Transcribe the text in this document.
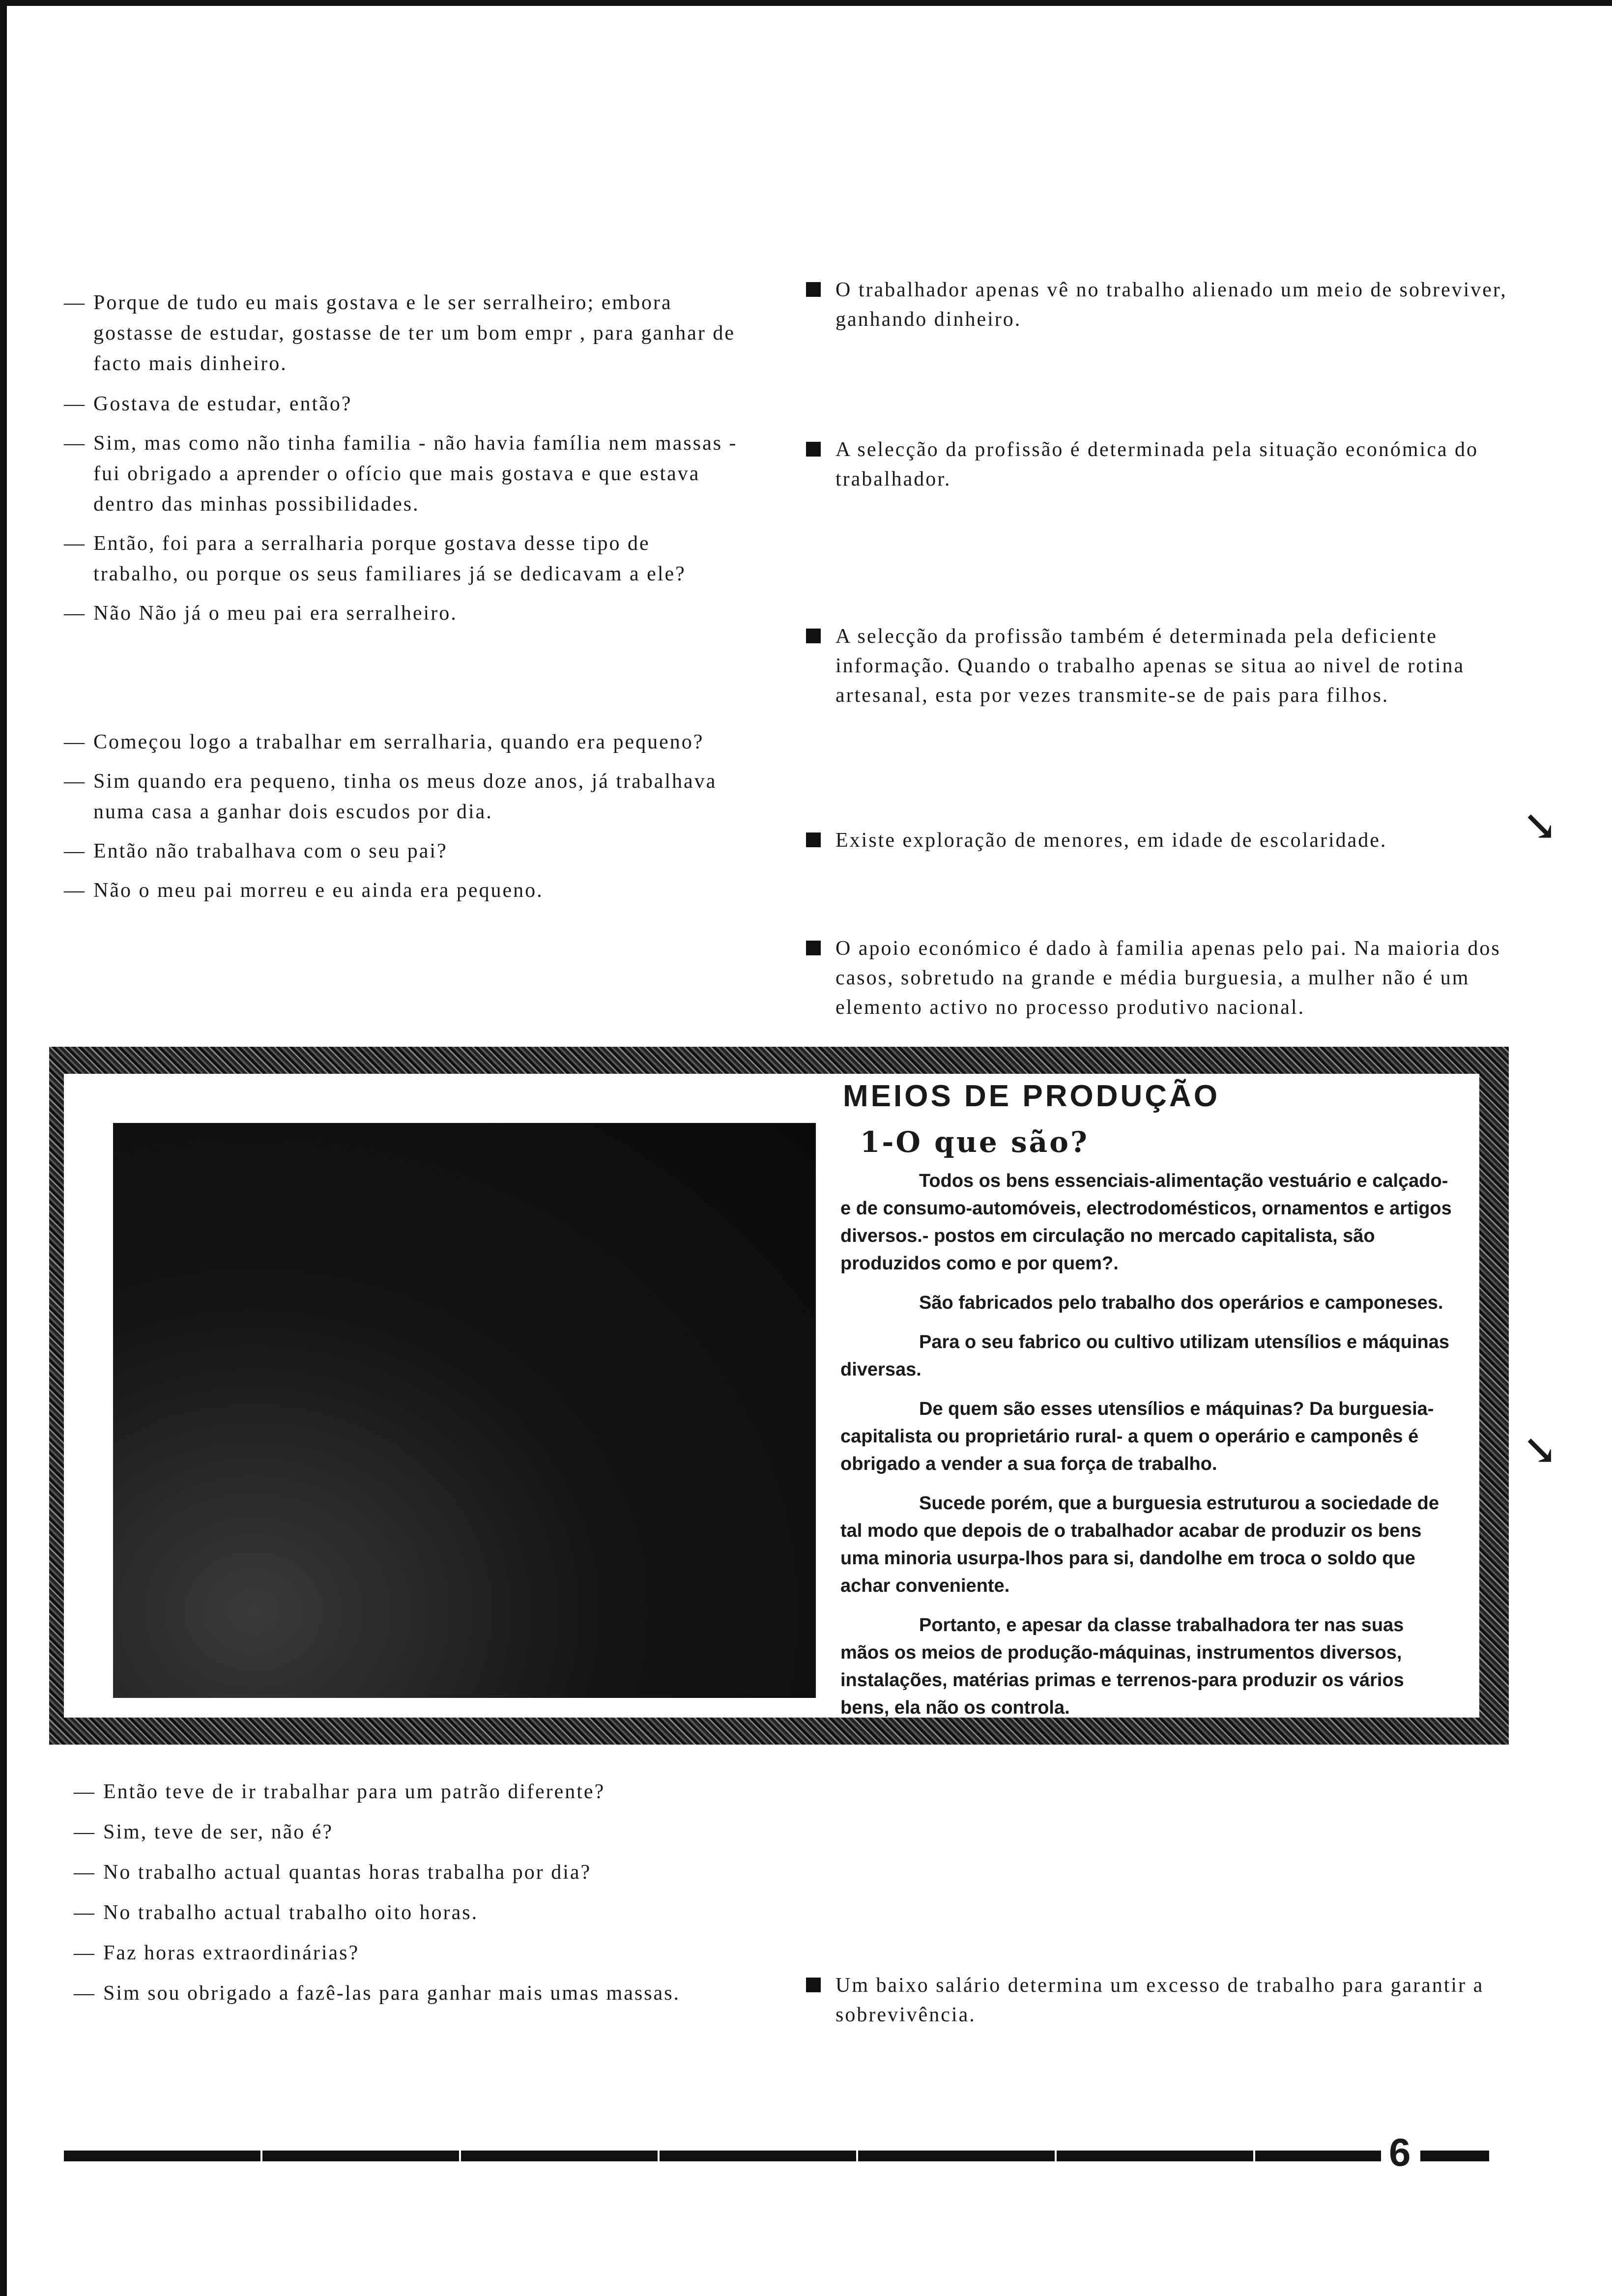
— Porque de tudo eu mais gostava e le ser serralheiro; embora gostasse de estudar, gostasse de ter um bom empr , para ganhar de facto mais dinheiro.

— Gostava de estudar, então?

— Sim, mas como não tinha familia - não havia família nem massas - fui obrigado a aprender o ofício que mais gostava e que estava dentro das minhas possibilidades.

— Então, foi para a serralharia porque gostava desse tipo de trabalho, ou porque os seus familiares já se dedicavam a ele?

— Não Não já o meu pai era serralheiro.

— Começou logo a trabalhar em serralharia, quando era pequeno?

— Sim quando era pequeno, tinha os meus doze anos, já trabalhava numa casa a ganhar dois escudos por dia.

— Então não trabalhava com o seu pai?

— Não o meu pai morreu e eu ainda era pequeno.

O trabalhador apenas vê no trabalho alienado um meio de sobreviver, ganhando dinheiro.

A selecção da profissão é determinada pela situação económica do trabalhador.

A selecção da profissão também é determinada pela deficiente informação. Quando o trabalho apenas se situa ao nivel de rotina artesanal, esta por vezes transmite-se de pais para filhos.

Existe exploração de menores, em idade de escolaridade.

O apoio económico é dado à familia apenas pelo pai. Na maioria dos casos, sobretudo na grande e média burguesia, a mulher não é um elemento activo no processo produtivo nacional.

↘
↘
MEIOS DE PRODUÇÃO
1-O que são?

Todos os bens essenciais-alimentação vestuário e calçado-e de consumo-automóveis, electrodomésticos, ornamentos e artigos diversos.- postos em circulação no mercado capitalista, são produzidos como e por quem?.

São fabricados pelo trabalho dos operários e camponeses.

Para o seu fabrico ou cultivo utilizam utensílios e máquinas diversas.

De quem são esses utensílios e máquinas? Da burguesia-capitalista ou proprietário rural- a quem o operário e camponês é obrigado a vender a sua força de trabalho.

Sucede porém, que a burguesia estruturou a sociedade de tal modo que depois de o trabalhador acabar de produzir os bens uma minoria usurpa-lhos para si, dandolhe em troca o soldo que achar conveniente.

Portanto, e apesar da classe trabalhadora ter nas suas mãos os meios de produção-máquinas, instrumentos diversos, instalações, matérias primas e terrenos-para produzir os vários bens, ela não os controla.

— Então teve de ir trabalhar para um patrão diferente?

— Sim, teve de ser, não é?

— No trabalho actual quantas horas trabalha por dia?

— No trabalho actual trabalho oito horas.

— Faz horas extraordinárias?

— Sim sou obrigado a fazê-las para ganhar mais umas massas.	Um baixo salário determina um excesso de trabalho para garantir a sobrevivência.

6
